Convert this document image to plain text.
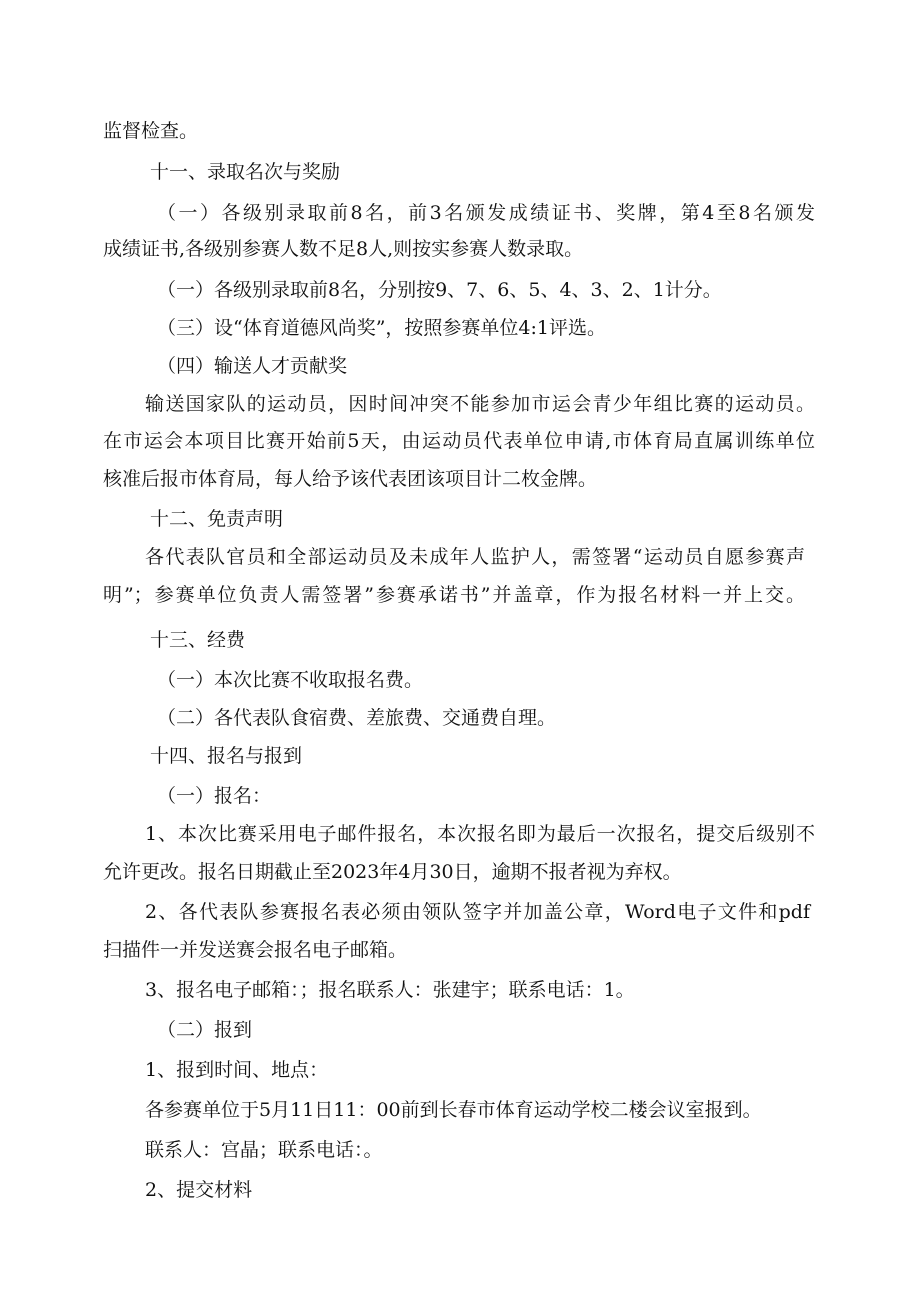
监督检查。

十一、录取名次与奖励

（一）各级别录取前8名，前3名颁发成绩证书、奖牌，第4至8名颁发

成绩证书,各级别参赛人数不足8人,则按实参赛人数录取。

（一）各级别录取前8名，分别按9、7、6、5、4、3、2、1计分。

（三）设“体育道德风尚奖”，按照参赛单位4:1评选。

（四）输送人才贡献奖

输送国家队的运动员，因时间冲突不能参加市运会青少年组比赛的运动员。

在市运会本项目比赛开始前5天，由运动员代表单位申请,市体育局直属训练单位

核准后报市体育局，每人给予该代表团该项目计二枚金牌。

十二、免责声明

各代表队官员和全部运动员及未成年人监护人，需签署“运动员自愿参赛声

明”；参赛单位负责人需签署”参赛承诺书”并盖章，作为报名材料一并上交。

十三、经费

（一）本次比赛不收取报名费。

（二）各代表队食宿费、差旅费、交通费自理。

十四、报名与报到

（一）报名：

1、本次比赛采用电子邮件报名，本次报名即为最后一次报名，提交后级别不

允许更改。报名日期截止至2023年4月30日，逾期不报者视为弃权。

2、各代表队参赛报名表必须由领队签字并加盖公章，Word电子文件和pdf

扫描件一并发送赛会报名电子邮箱。

3、报名电子邮箱：；报名联系人：张建宇；联系电话：1。

（二）报到

1、报到时间、地点：

各参赛单位于5月11日11：00前到长春市体育运动学校二楼会议室报到。

联系人：宫晶；联系电话：。

2、提交材料
